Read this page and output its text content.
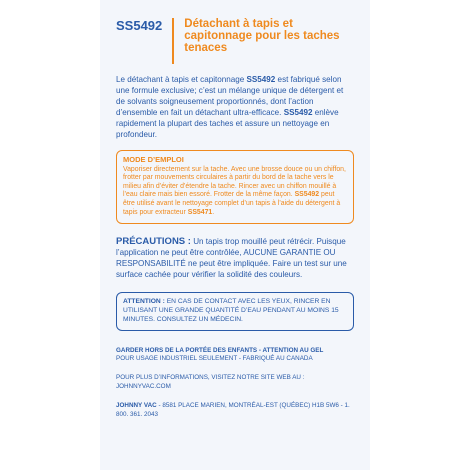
SS5492	Détachant à tapis et capitonnage pour les taches tenaces
Le détachant à tapis et capitonnage SS5492 est fabriqué selon une formule exclusive; c’est un mélange unique de détergent et de solvants soigneusement proportionnés, dont l’action d’ensemble en fait un détachant ultra-efficace. SS5492 enlève rapidement la plupart des taches et assure un nettoyage en profondeur.
MODE D’EMPLOI
Vaporiser directement sur la tache. Avec une brosse douce ou un chiffon, frotter par mouvements circulaires à partir du bord de la tache vers le milieu afin d’éviter d’étendre la tache. Rincer avec un chiffon mouillé à l’eau claire mais bien essoré. Frotter de la même façon. SS5492 peut être utilisé avant le nettoyage complet d’un tapis à l’aide du détergent à tapis pour extracteur SS5471.
PRÉCAUTIONS : Un tapis trop mouillé peut rétrécir. Puisque l’application ne peut être contrôlée, AUCUNE GARANTIE OU RESPONSABILITÉ ne peut être impliquée. Faire un test sur une surface cachée pour vérifier la solidité des couleurs.
ATTENTION : EN CAS DE CONTACT AVEC LES YEUX, RINCER EN UTILISANT UNE GRANDE QUANTITÉ D’EAU PENDANT AU MOINS 15 MINUTES. CONSULTEZ UN MÉDECIN.
GARDER HORS DE LA PORTÉE DES ENFANTS - ATTENTION AU GEL
POUR USAGE INDUSTRIEL SEULEMENT - FABRIQUÉ AU CANADA
POUR PLUS D’INFORMATIONS, VISITEZ NOTRE SITE WEB AU : JOHNNYVAC.COM
JOHNNY VAC - 8581 PLACE MARIEN, MONTRÉAL-EST (QUÉBEC) H1B 5W6 - 1. 800. 361. 2043
